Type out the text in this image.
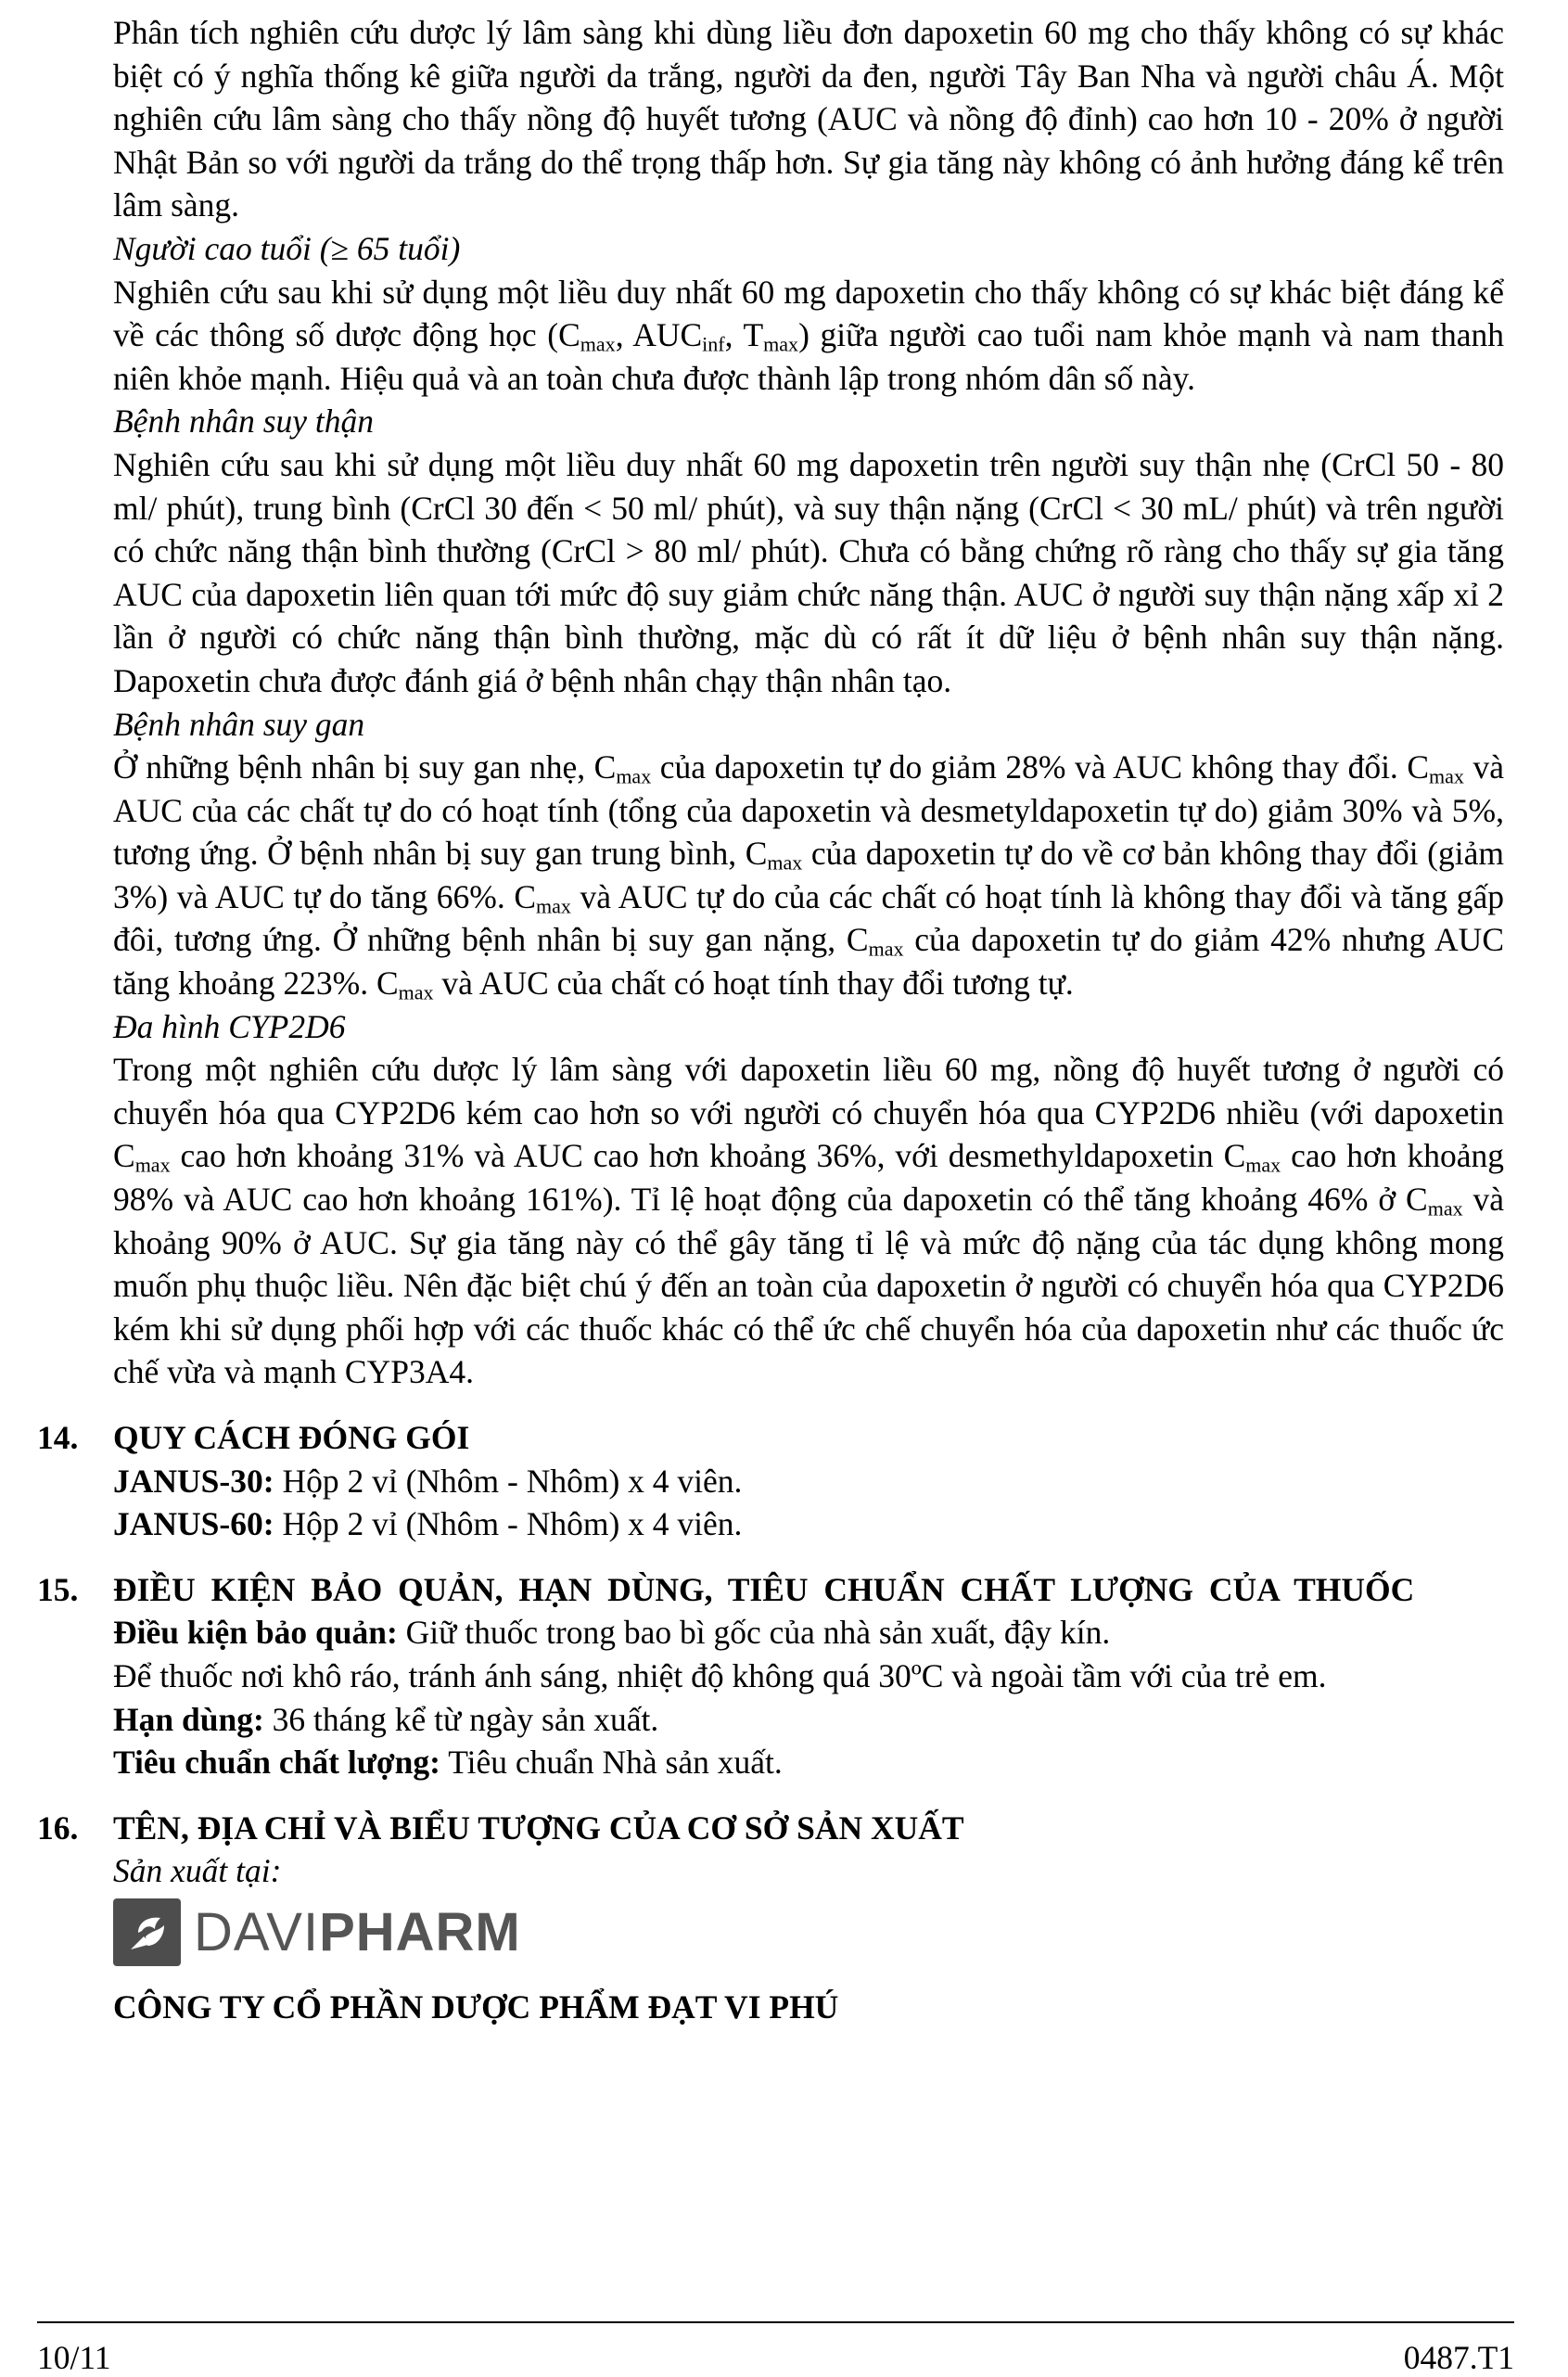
Phân tích nghiên cứu dược lý lâm sàng khi dùng liều đơn dapoxetin 60 mg cho thấy không có sự khác biệt có ý nghĩa thống kê giữa người da trắng, người da đen, người Tây Ban Nha và người châu Á. Một nghiên cứu lâm sàng cho thấy nồng độ huyết tương (AUC và nồng độ đỉnh) cao hơn 10 - 20% ở người Nhật Bản so với người da trắng do thể trọng thấp hơn. Sự gia tăng này không có ảnh hưởng đáng kể trên lâm sàng.

Người cao tuổi (≥ 65 tuổi)

Nghiên cứu sau khi sử dụng một liều duy nhất 60 mg dapoxetin cho thấy không có sự khác biệt đáng kể về các thông số dược động học ($C_{max}$, $AUC_{inf}$, $T_{max}$) giữa người cao tuổi nam khỏe mạnh và nam thanh niên khỏe mạnh. Hiệu quả và an toàn chưa được thành lập trong nhóm dân số này.

Bệnh nhân suy thận

Nghiên cứu sau khi sử dụng một liều duy nhất 60 mg dapoxetin trên người suy thận nhẹ (CrCl 50 - 80 ml/ phút), trung bình (CrCl 30 đến < 50 ml/ phút), và suy thận nặng (CrCl < 30 mL/ phút) và trên người có chức năng thận bình thường (CrCl > 80 ml/ phút). Chưa có bằng chứng rõ ràng cho thấy sự gia tăng AUC của dapoxetin liên quan tới mức độ suy giảm chức năng thận. AUC ở người suy thận nặng xấp xỉ 2 lần ở người có chức năng thận bình thường, mặc dù có rất ít dữ liệu ở bệnh nhân suy thận nặng. Dapoxetin chưa được đánh giá ở bệnh nhân chạy thận nhân tạo.

Bệnh nhân suy gan

Ở những bệnh nhân bị suy gan nhẹ, $C_{max}$ của dapoxetin tự do giảm 28% và AUC không thay đổi. $C_{max}$ và AUC của các chất tự do có hoạt tính (tổng của dapoxetin và desmetyldapoxetin tự do) giảm 30% và 5%, tương ứng. Ở bệnh nhân bị suy gan trung bình, $C_{max}$ của dapoxetin tự do về cơ bản không thay đổi (giảm 3%) và AUC tự do tăng 66%. $C_{max}$ và AUC tự do của các chất có hoạt tính là không thay đổi và tăng gấp đôi, tương ứng. Ở những bệnh nhân bị suy gan nặng, $C_{max}$ của dapoxetin tự do giảm 42% nhưng AUC tăng khoảng 223%. $C_{max}$ và AUC của chất có hoạt tính thay đổi tương tự.

Đa hình CYP2D6

Trong một nghiên cứu dược lý lâm sàng với dapoxetin liều 60 mg, nồng độ huyết tương ở người có chuyển hóa qua CYP2D6 kém cao hơn so với người có chuyển hóa qua CYP2D6 nhiều (với dapoxetin $C_{max}$ cao hơn khoảng 31% và AUC cao hơn khoảng 36%, với desmethyldapoxetin $C_{max}$ cao hơn khoảng 98% và AUC cao hơn khoảng 161%). Tỉ lệ hoạt động của dapoxetin có thể tăng khoảng 46% ở $C_{max}$ và khoảng 90% ở AUC. Sự gia tăng này có thể gây tăng tỉ lệ và mức độ nặng của tác dụng không mong muốn phụ thuộc liều. Nên đặc biệt chú ý đến an toàn của dapoxetin ở người có chuyển hóa qua CYP2D6 kém khi sử dụng phối hợp với các thuốc khác có thể ức chế chuyển hóa của dapoxetin như các thuốc ức chế vừa và mạnh CYP3A4.

14. QUY CÁCH ĐÓNG GÓI

JANUS-30: Hộp 2 vỉ (Nhôm - Nhôm) x 4 viên.

JANUS-60: Hộp 2 vỉ (Nhôm - Nhôm) x 4 viên.

15. ĐIỀU KIỆN BẢO QUẢN, HẠN DÙNG, TIÊU CHUẨN CHẤT LƯỢNG CỦA THUỐC

Điều kiện bảo quản: Giữ thuốc trong bao bì gốc của nhà sản xuất, đậy kín.

Để thuốc nơi khô ráo, tránh ánh sáng, nhiệt độ không quá 30ºC và ngoài tầm với của trẻ em.

Hạn dùng: 36 tháng kể từ ngày sản xuất.

Tiêu chuẩn chất lượng: Tiêu chuẩn Nhà sản xuất.

16. TÊN, ĐỊA CHỈ VÀ BIỂU TƯỢNG CỦA CƠ SỞ SẢN XUẤT

Sản xuất tại:

DAVIPHARM

CÔNG TY CỔ PHẦN DƯỢC PHẨM ĐẠT VI PHÚ

10/11	0487.T1
